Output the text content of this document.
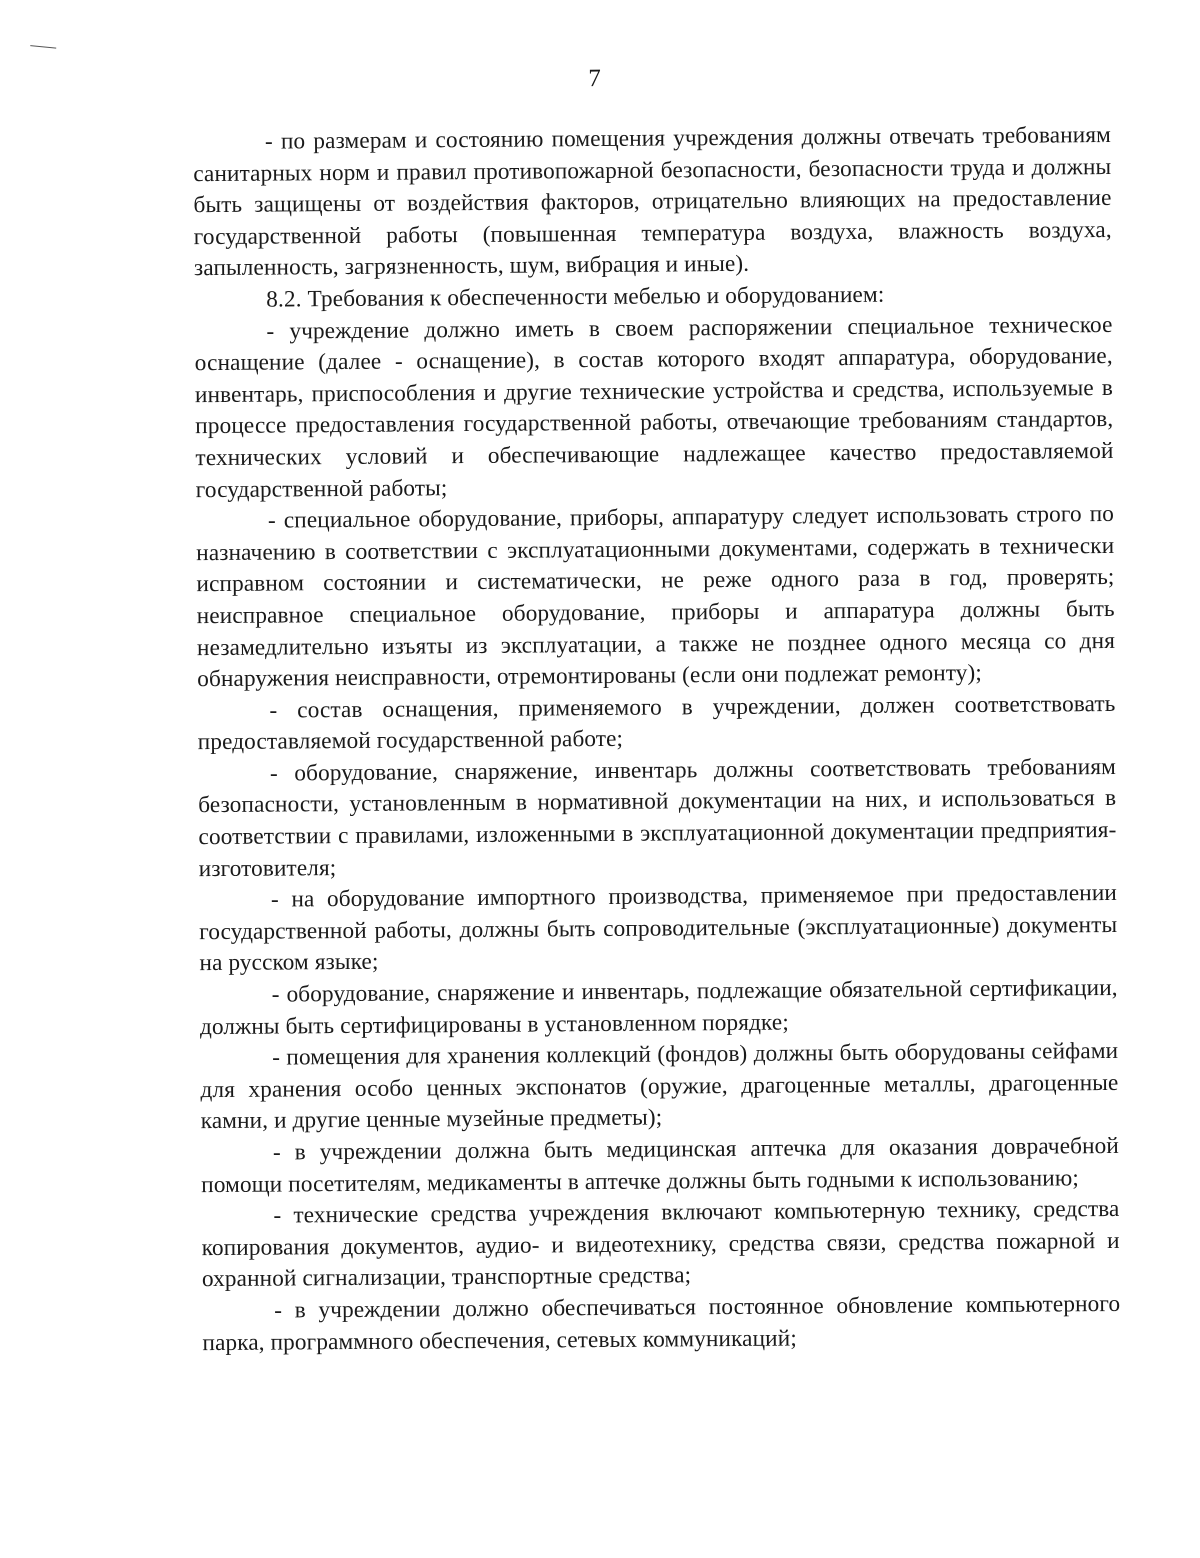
7

- по размерам и состоянию помещения учреждения должны отвечать требованиям санитарных норм и правил противопожарной безопасности, безопасности труда и должны быть защищены от воздействия факторов, отрицательно влияющих на предоставление государственной работы (повышенная температура воздуха, влажность воздуха, запыленность, загрязненность, шум, вибрация и иные).

8.2. Требования к обеспеченности мебелью и оборудованием:

- учреждение должно иметь в своем распоряжении специальное техническое оснащение (далее - оснащение), в состав которого входят аппаратура, оборудование, инвентарь, приспособления и другие технические устройства и средства, используемые в процессе предоставления государственной работы, отвечающие требованиям стандартов, технических условий и обеспечивающие надлежащее качество предоставляемой государственной работы;

- специальное оборудование, приборы, аппаратуру следует использовать строго по назначению в соответствии с эксплуатационными документами, содержать в технически исправном состоянии и систематически, не реже одного раза в год, проверять; неисправное специальное оборудование, приборы и аппаратура должны быть незамедлительно изъяты из эксплуатации, а также не позднее одного месяца со дня обнаружения неисправности, отремонтированы (если они подлежат ремонту);

- состав оснащения, применяемого в учреждении, должен соответствовать предоставляемой государственной работе;

- оборудование, снаряжение, инвентарь должны соответствовать требованиям безопасности, установленным в нормативной документации на них, и использоваться в соответствии с правилами, изложенными в эксплуатационной документации предприятия-изготовителя;

- на оборудование импортного производства, применяемое при предоставлении государственной работы, должны быть сопроводительные (эксплуатационные) документы на русском языке;

- оборудование, снаряжение и инвентарь, подлежащие обязательной сертификации, должны быть сертифицированы в установленном порядке;

- помещения для хранения коллекций (фондов) должны быть оборудованы сейфами для хранения особо ценных экспонатов (оружие, драгоценные металлы, драгоценные камни, и другие ценные музейные предметы);

- в учреждении должна быть медицинская аптечка для оказания доврачебной помощи посетителям, медикаменты в аптечке должны быть годными к использованию;

- технические средства учреждения включают компьютерную технику, средства копирования документов, аудио- и видеотехнику, средства связи, средства пожарной и охранной сигнализации, транспортные средства;

- в учреждении должно обеспечиваться постоянное обновление компьютерного парка, программного обеспечения, сетевых коммуникаций;
